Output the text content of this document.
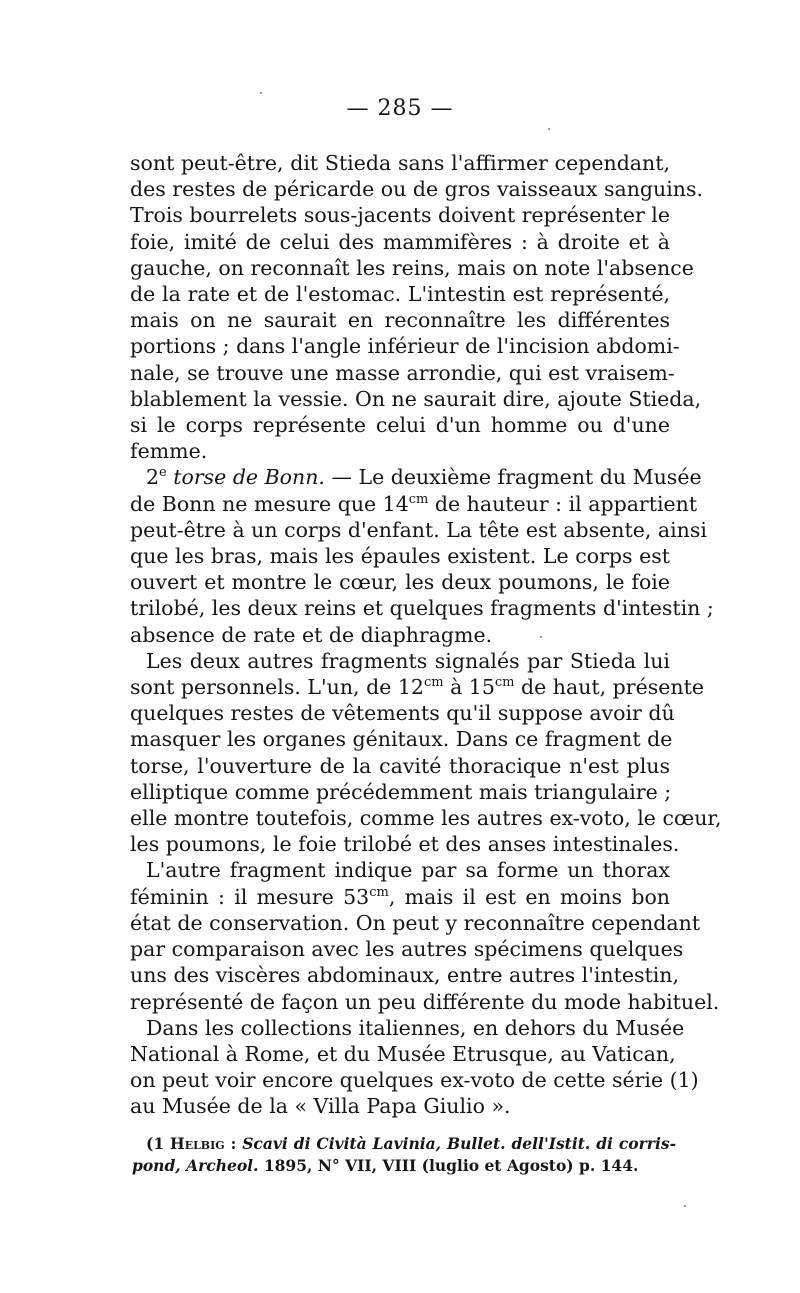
— 285 —
sont peut-être, dit Stieda sans l'affirmer cependant,
des restes de péricarde ou de gros vaisseaux sanguins.
Trois bourrelets sous-jacents doivent représenter le
foie, imité de celui des mammifères : à droite et à
gauche, on reconnaît les reins, mais on note l'absence
de la rate et de l'estomac. L'intestin est représenté,
mais on ne saurait en reconnaître les différentes
portions ; dans l'angle inférieur de l'incision abdomi-
nale, se trouve une masse arrondie, qui est vraisem-
blablement la vessie. On ne saurait dire, ajoute Stieda,
si le corps représente celui d'un homme ou d'une
femme.
2e torse de Bonn. — Le deuxième fragment du Musée
de Bonn ne mesure que $14^{cm}$ de hauteur : il appartient
peut-être à un corps d'enfant. La tête est absente, ainsi
que les bras, mais les épaules existent. Le corps est
ouvert et montre le cœur, les deux poumons, le foie
trilobé, les deux reins et quelques fragments d'intestin ;
absence de rate et de diaphragme.
Les deux autres fragments signalés par Stieda lui
sont personnels. L'un, de $12^{cm}$ à $15^{cm}$ de haut, présente
quelques restes de vêtements qu'il suppose avoir dû
masquer les organes génitaux. Dans ce fragment de
torse, l'ouverture de la cavité thoracique n'est plus
elliptique comme précédemment mais triangulaire ;
elle montre toutefois, comme les autres ex-voto, le cœur,
les poumons, le foie trilobé et des anses intestinales.
L'autre fragment indique par sa forme un thorax
féminin : il mesure $53^{cm}$, mais il est en moins bon
état de conservation. On peut y reconnaître cependant
par comparaison avec les autres spécimens quelques
uns des viscères abdominaux, entre autres l'intestin,
représenté de façon un peu différente du mode habituel.
Dans les collections italiennes, en dehors du Musée
National à Rome, et du Musée Etrusque, au Vatican,
on peut voir encore quelques ex-voto de cette série (1)
au Musée de la « Villa Papa Giulio ».
(1 Helbig : Scavi di Cività Lavinia, Bullet. dell'Istit. di corris-
pond, Archeol. 1895, N° VII, VIII (luglio et Agosto) p. 144.
